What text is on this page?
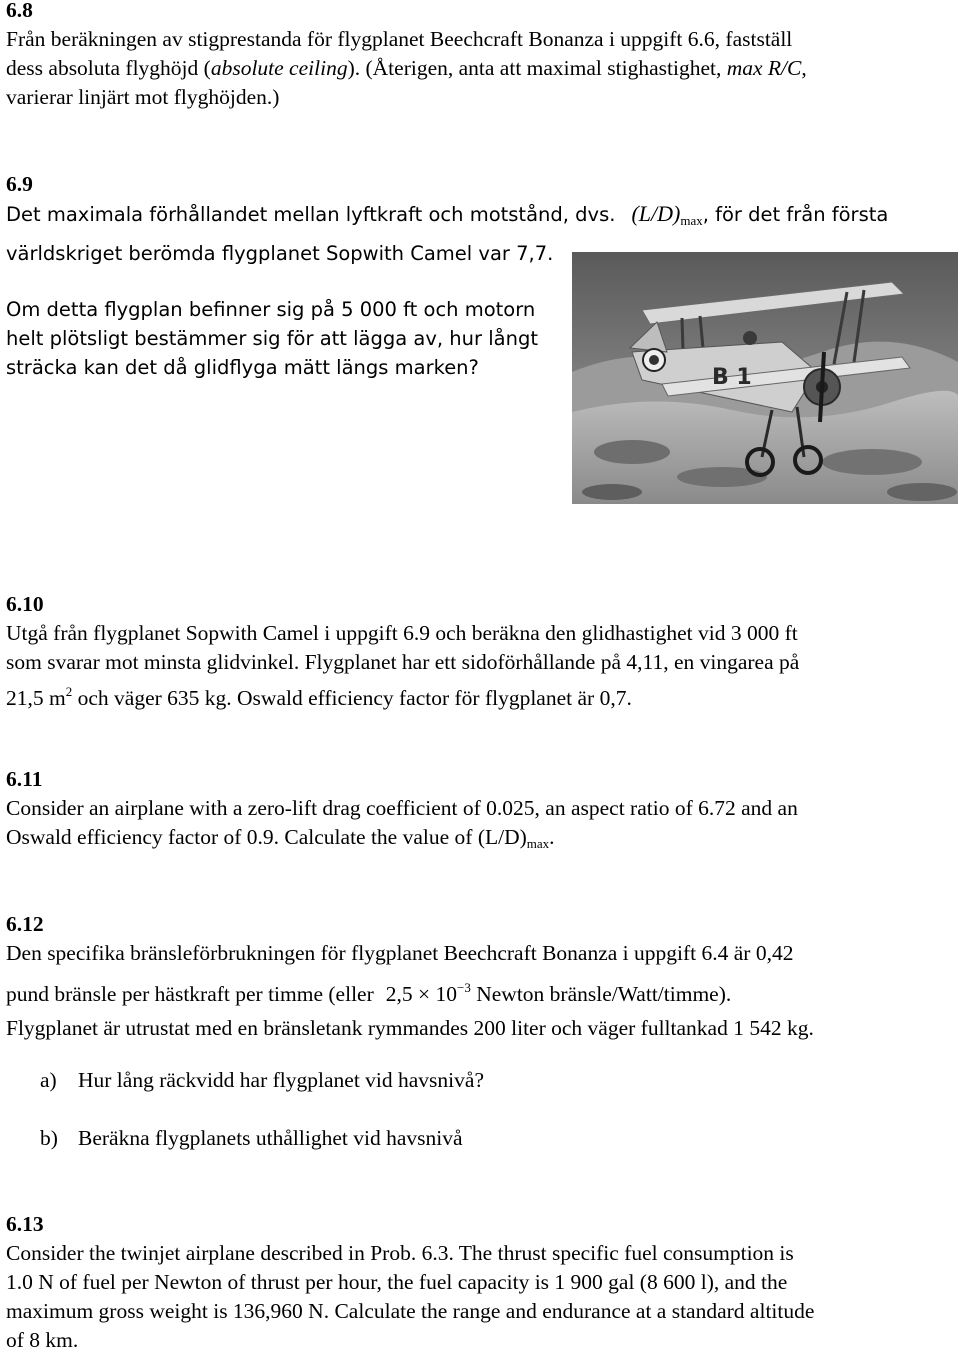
6.8
Från beräkningen av stigprestanda för flygplanet Beechcraft Bonanza i uppgift 6.6, fastställ
dess absoluta flyghöjd (absolute ceiling). (Återigen, anta att maximal stighastighet, max R/C,
varierar linjärt mot flyghöjden.)
6.9
Det maximala förhållandet mellan lyftkraft och motstånd, dvs. $(L/D)_{max}$, för det från första
världskriget berömda flygplanet Sopwith Camel var 7,7.
Om detta flygplan befinner sig på 5 000 ft och motorn
helt plötsligt bestämmer sig för att lägga av, hur långt
sträcka kan det då glidflyga mätt längs marken?	B 1
6.10
Utgå från flygplanet Sopwith Camel i uppgift 6.9 och beräkna den glidhastighet vid 3 000 ft
som svarar mot minsta glidvinkel. Flygplanet har ett sidoförhållande på 4,11, en vingarea på
21,5 $m^2$ och väger 635 kg. Oswald efficiency factor för flygplanet är 0,7.
6.11
Consider an airplane with a zero-lift drag coefficient of 0.025, an aspect ratio of 6.72 and an
Oswald efficiency factor of 0.9. Calculate the value of $(L/D)_{max}$.
6.12
Den specifika bränsleförbrukningen för flygplanet Beechcraft Bonanza i uppgift 6.4 är 0,42
pund bränsle per hästkraft per timme (eller $2,5 \times 10^{-3}$ Newton bränsle/Watt/timme).
Flygplanet är utrustat med en bränsletank rymmandes 200 liter och väger fulltankad 1 542 kg.
a) Hur lång räckvidd har flygplanet vid havsnivå?
b) Beräkna flygplanets uthållighet vid havsnivå
6.13
Consider the twinjet airplane described in Prob. 6.3. The thrust specific fuel consumption is
1.0 N of fuel per Newton of thrust per hour, the fuel capacity is 1 900 gal (8 600 l), and the
maximum gross weight is 136,960 N. Calculate the range and endurance at a standard altitude
of 8 km.
